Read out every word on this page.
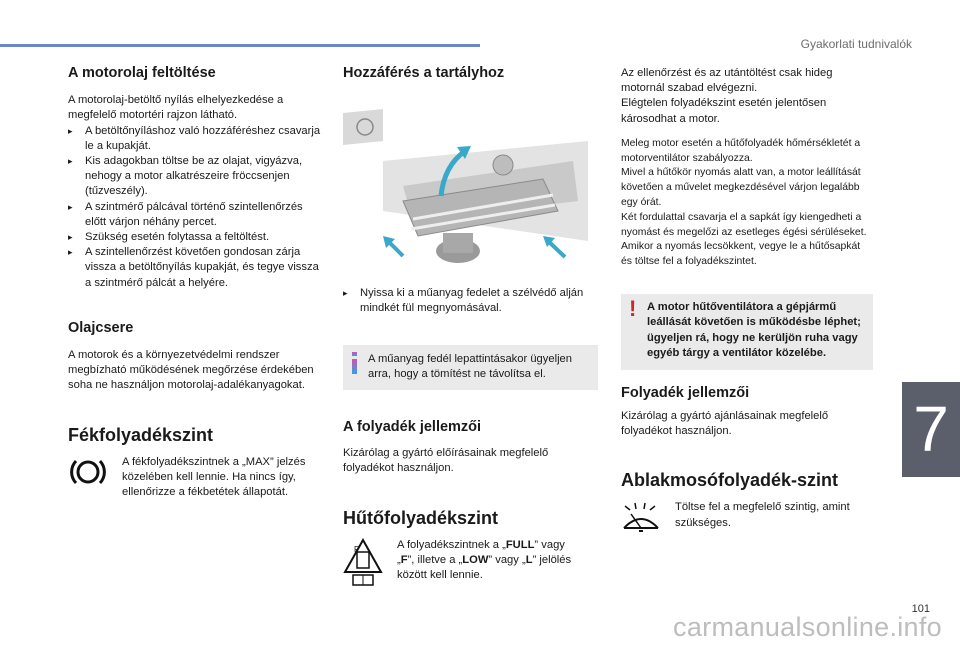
Gyakorlati tudnivalók
7
101
carmanualsonline.info
A motorolaj feltöltése

A motorolaj-betöltő nyílás elhelyezkedése a megfelelő motortéri rajzon látható.

▸ A betöltőnyíláshoz való hozzáféréshez csavarja le a kupakját.
▸ Kis adagokban töltse be az olajat, vigyázva, nehogy a motor alkatrészeire fröccsenjen (tűzveszély).
▸ A szintmérő pálcával történő szintellenőrzés előtt várjon néhány percet.
▸ Szükség esetén folytassa a feltöltést.
▸ A szintellenőrzést követően gondosan zárja vissza a betöltőnyílás kupakját, és tegye vissza a szintmérő pálcát a helyére.
Olajcsere

A motorok és a környezetvédelmi rendszer megbízható működésének megőrzése érdekében soha ne használjon motorolaj-adalékanyagokat.

Fékfolyadékszint

A fékfolyadékszintnek a „MAX” jelzés közelében kell lennie. Ha nincs így, ellenőrizze a fékbetétek állapotát.

Hozzáférés a tartályhoz
▸ Nyissa ki a műanyag fedelet a szélvédő alján mindkét fül megnyomásával.

A műanyag fedél lepattintásakor ügyeljen arra, hogy a tömítést ne távolítsa el.

A folyadék jellemzői

Kizárólag a gyártó előírásainak megfelelő folyadékot használjon.

Hűtőfolyadékszint
F	A folyadékszintnek a „FULL” vagy „F”, illetve a „LOW” vagy „L” jelölés között kell lennie.

Az ellenőrzést és az utántöltést csak hideg motornál szabad elvégezni.

Elégtelen folyadékszint esetén jelentősen károsodhat a motor.

Meleg motor esetén a hűtőfolyadék hőmérsékletét a motorventilátor szabályozza.
Mivel a hűtőkör nyomás alatt van, a motor leállítását követően a művelet megkezdésével várjon legalább egy órát.
Két fordulattal csavarja el a sapkát így kiengedheti a nyomást és megelőzi az esetleges égési sérüléseket. Amikor a nyomás lecsökkent, vegye le a hűtősapkát és töltse fel a folyadékszintet.

! A motor hűtőventilátora a gépjármű leállását követően is működésbe léphet; ügyeljen rá, hogy ne kerüljön ruha vagy egyéb tárgy a ventilátor közelébe.

Folyadék jellemzői

Kizárólag a gyártó ajánlásainak megfelelő folyadékot használjon.

Ablakmosófolyadék-szint

Töltse fel a megfelelő szintig, amint szükséges.
